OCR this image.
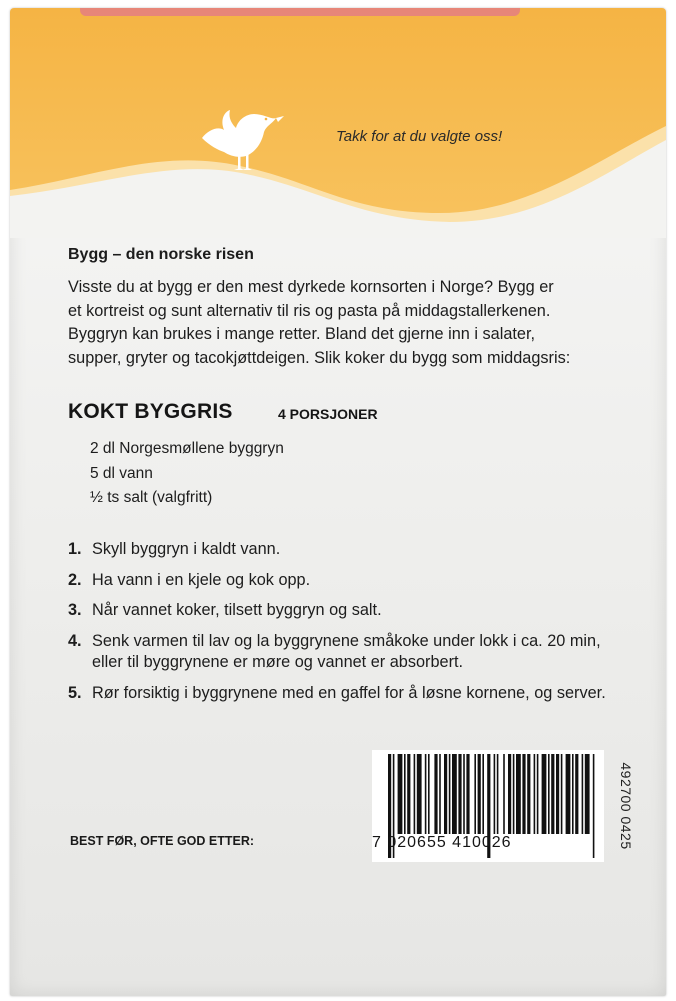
Takk for at du valgte oss!
Bygg – den norske risen
Visste du at bygg er den mest dyrkede kornsorten i Norge? Bygg er
et kortreist og sunt alternativ til ris og pasta på middagstallerkenen.
Byggryn kan brukes i mange retter. Bland det gjerne inn i salater,
supper, gryter og tacokjøttdeigen. Slik koker du bygg som middagsris:
KOKT BYGGRIS	4 PORSJONER
2 dl Norgesmøllene byggryn
5 dl vann
½ ts salt (valgfritt)
1. Skyll byggryn i kaldt vann.
2. Ha vann i en kjele og kok opp.
3. Når vannet koker, tilsett byggryn og salt.
4. Senk varmen til lav og la byggrynene småkoke under lokk i ca. 20 min, eller til byggrynene er møre og vannet er absorbert.
5. Rør forsiktig i byggrynene med en gaffel for å løsne kornene, og server.
BEST FØR, OFTE GOD ETTER:	7 020655 410026	492700 0425
